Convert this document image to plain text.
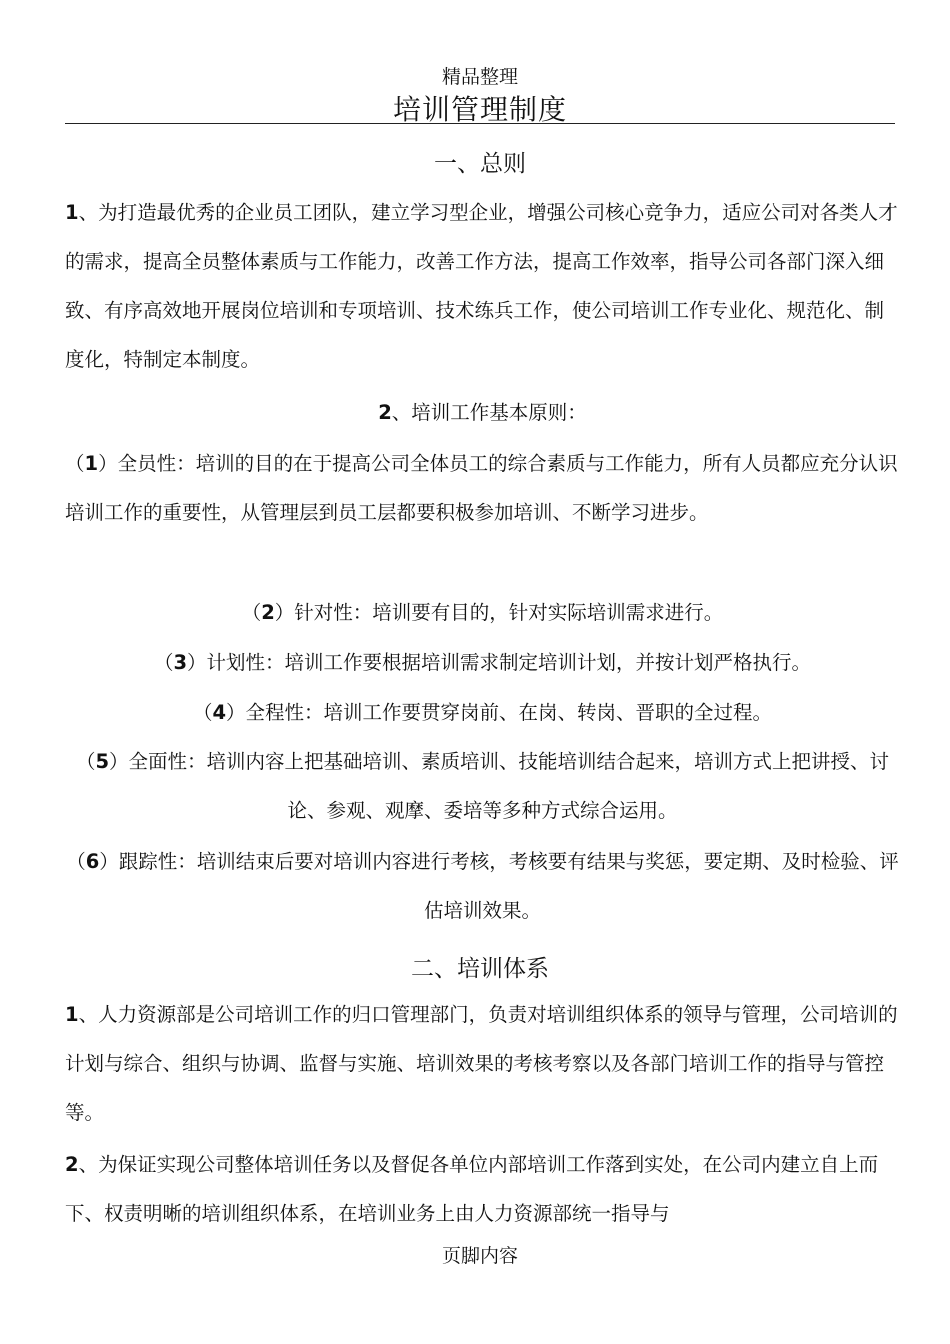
精品整理
培训管理制度
一、总则

1、为打造最优秀的企业员工团队，建立学习型企业，增强公司核心竞争力，适应公司对各类人才的需求，提高全员整体素质与工作能力，改善工作方法，提高工作效率，指导公司各部门深入细致、有序高效地开展岗位培训和专项培训、技术练兵工作，使公司培训工作专业化、规范化、制度化，特制定本制度。

2、培训工作基本原则：

（1）全员性：培训的目的在于提高公司全体员工的综合素质与工作能力，所有人员都应充分认识培训工作的重要性，从管理层到员工层都要积极参加培训、不断学习进步。

（2）针对性：培训要有目的，针对实际培训需求进行。

（3）计划性：培训工作要根据培训需求制定培训计划，并按计划严格执行。

（4）全程性：培训工作要贯穿岗前、在岗、转岗、晋职的全过程。

（5）全面性：培训内容上把基础培训、素质培训、技能培训结合起来，培训方式上把讲授、讨论、参观、观摩、委培等多种方式综合运用。

（6）跟踪性：培训结束后要对培训内容进行考核，考核要有结果与奖惩，要定期、及时检验、评估培训效果。

二、培训体系

1、人力资源部是公司培训工作的归口管理部门，负责对培训组织体系的领导与管理，公司培训的计划与综合、组织与协调、监督与实施、培训效果的考核考察以及各部门培训工作的指导与管控等。

2、为保证实现公司整体培训任务以及督促各单位内部培训工作落到实处，在公司内建立自上而下、权责明晰的培训组织体系，在培训业务上由人力资源部统一指导与

页脚内容
